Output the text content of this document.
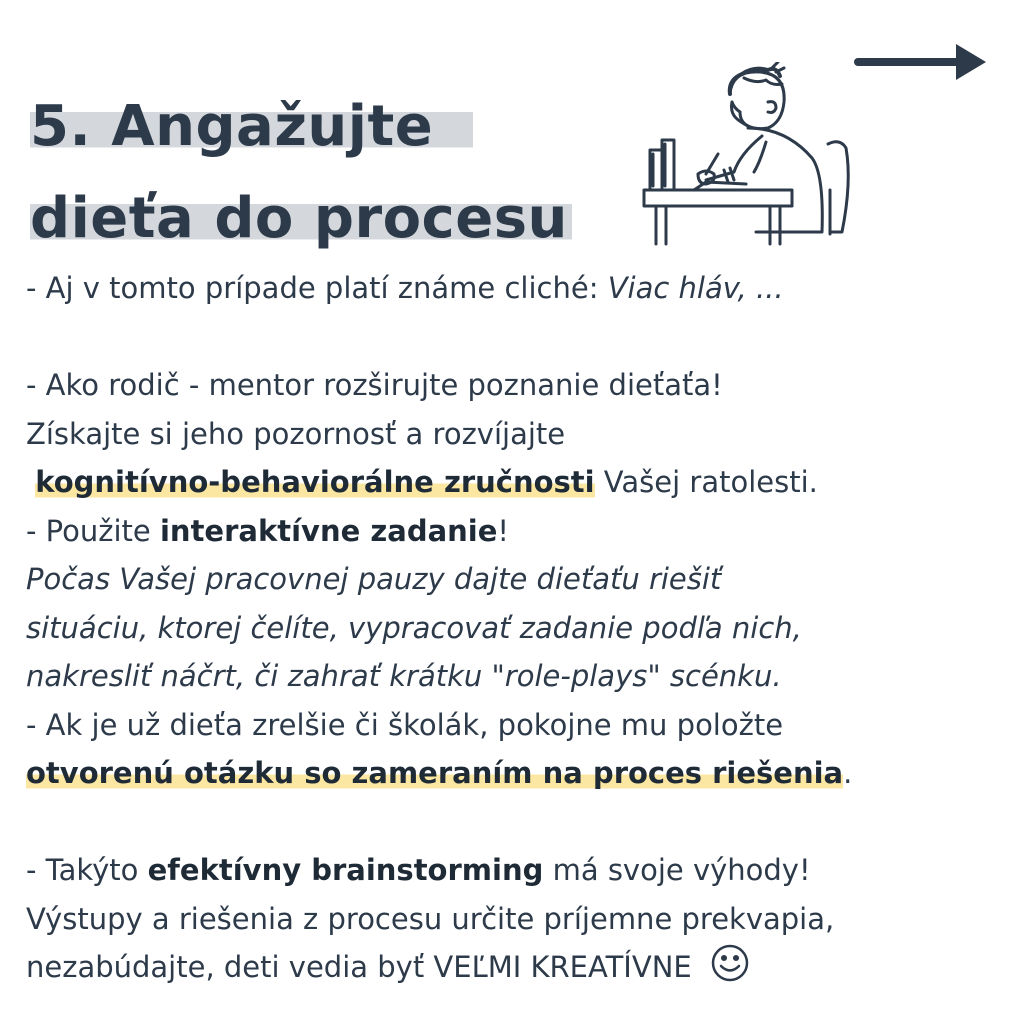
5. Angažujte
dieťa do procesu

- Aj v tomto prípade platí známe cliché: Viac hláv, ...

- Ako rodič - mentor rozširujte poznanie dieťaťa!

Získajte si jeho pozornosť a rozvíjajte

kognitívno-behaviorálne zručnosti Vašej ratolesti.

- Použite interaktívne zadanie!

Počas Vašej pracovnej pauzy dajte dieťaťu riešiť

situáciu, ktorej čelíte, vypracovať zadanie podľa nich,

nakresliť náčrt, či zahrať krátku "role-plays" scénku.

- Ak je už dieťa zrelšie či školák, pokojne mu položte

otvorenú otázku so zameraním na proces riešenia.

- Takýto efektívny brainstorming má svoje výhody!

Výstupy a riešenia z procesu určite príjemne prekvapia,

nezabúdajte, deti vedia byť VEĽMI KREATÍVNE
